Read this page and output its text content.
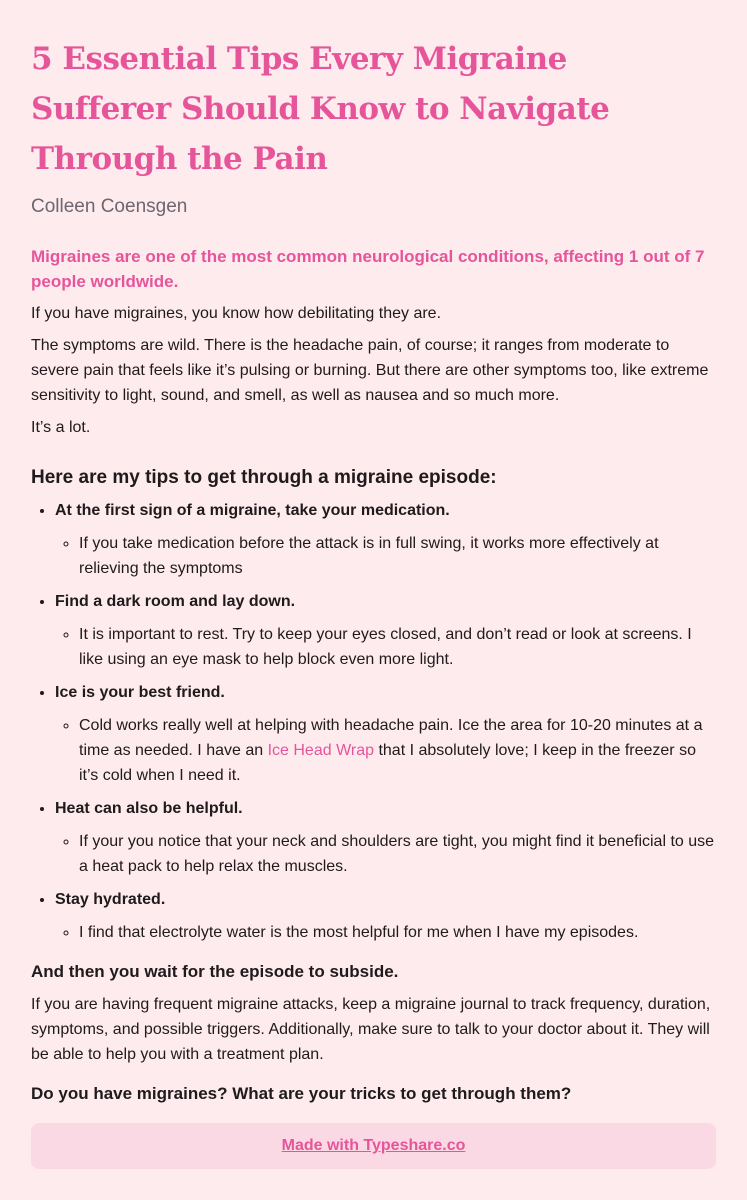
5 Essential Tips Every Migraine Sufferer Should Know to Navigate Through the Pain
Colleen Coensgen

Migraines are one of the most common neurological conditions, affecting 1 out of 7 people worldwide.

If you have migraines, you know how debilitating they are.

The symptoms are wild. There is the headache pain, of course; it ranges from moderate to severe pain that feels like it’s pulsing or burning. But there are other symptoms too, like extreme sensitivity to light, sound, and smell, as well as nausea and so much more.

It’s a lot.

Here are my tips to get through a migraine episode:
• At the first sign of a migraine, take your medication.
◦ If you take medication before the attack is in full swing, it works more effectively at relieving the symptoms
• Find a dark room and lay down.
◦ It is important to rest. Try to keep your eyes closed, and don’t read or look at screens. I like using an eye mask to help block even more light.
• Ice is your best friend.
◦ Cold works really well at helping with headache pain. Ice the area for 10-20 minutes at a time as needed. I have an Ice Head Wrap that I absolutely love; I keep in the freezer so it’s cold when I need it.
• Heat can also be helpful.
◦ If your you notice that your neck and shoulders are tight, you might find it beneficial to use a heat pack to help relax the muscles.
• Stay hydrated.
◦ I find that electrolyte water is the most helpful for me when I have my episodes.
And then you wait for the episode to subside.

If you are having frequent migraine attacks, keep a migraine journal to track frequency, duration, symptoms, and possible triggers. Additionally, make sure to talk to your doctor about it. They will be able to help you with a treatment plan.

Do you have migraines? What are your tricks to get through them?

Made with Typeshare.co
